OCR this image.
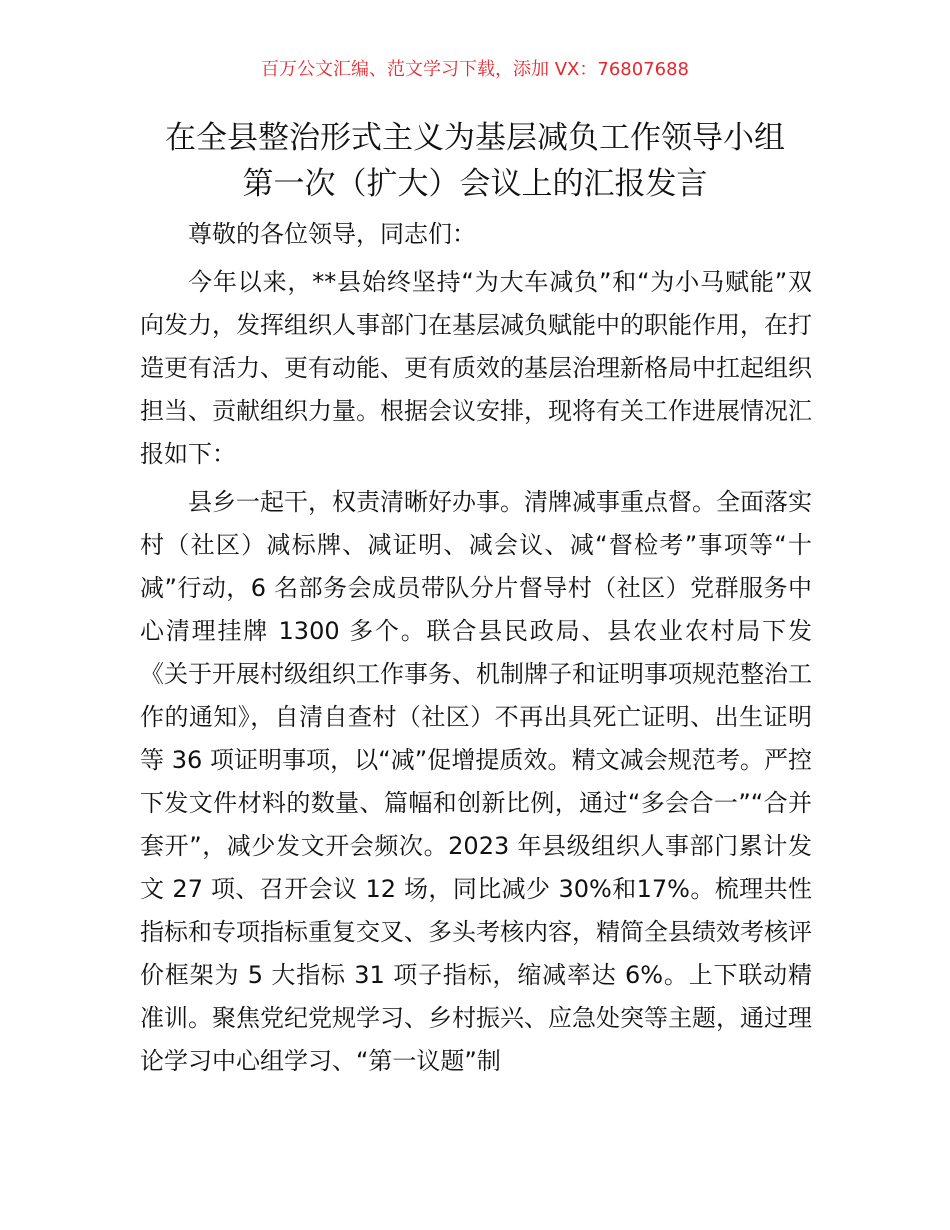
百万公文汇编、范文学习下载，添加 VX：76807688
在全县整治形式主义为基层减负工作领导小组
第一次（扩大）会议上的汇报发言

尊敬的各位领导，同志们：

今年以来，**县始终坚持“为大车减负”和“为小马赋能”双向发力，发挥组织人事部门在基层减负赋能中的职能作用，在打造更有活力、更有动能、更有质效的基层治理新格局中扛起组织担当、贡献组织力量。根据会议安排，现将有关工作进展情况汇报如下：

县乡一起干，权责清晰好办事。清牌减事重点督。全面落实村（社区）减标牌、减证明、减会议、减“督检考”事项等“十减”行动，6 名部务会成员带队分片督导村（社区）党群服务中心清理挂牌 1300 多个。联合县民政局、县农业农村局下发《关于开展村级组织工作事务、机制牌子和证明事项规范整治工作的通知》，自清自查村（社区）不再出具死亡证明、出生证明等 36 项证明事项，以“减”促增提质效。精文减会规范考。严控下发文件材料的数量、篇幅和创新比例，通过“多会合一”“合并套开”，减少发文开会频次。2023 年县级组织人事部门累计发文 27 项、召开会议 12 场，同比减少 30%和17%。梳理共性指标和专项指标重复交叉、多头考核内容，精简全县绩效考核评价框架为 5 大指标 31 项子指标，缩减率达 6%。上下联动精准训。聚焦党纪党规学习、乡村振兴、应急处突等主题，通过理论学习中心组学习、“第一议题”制
